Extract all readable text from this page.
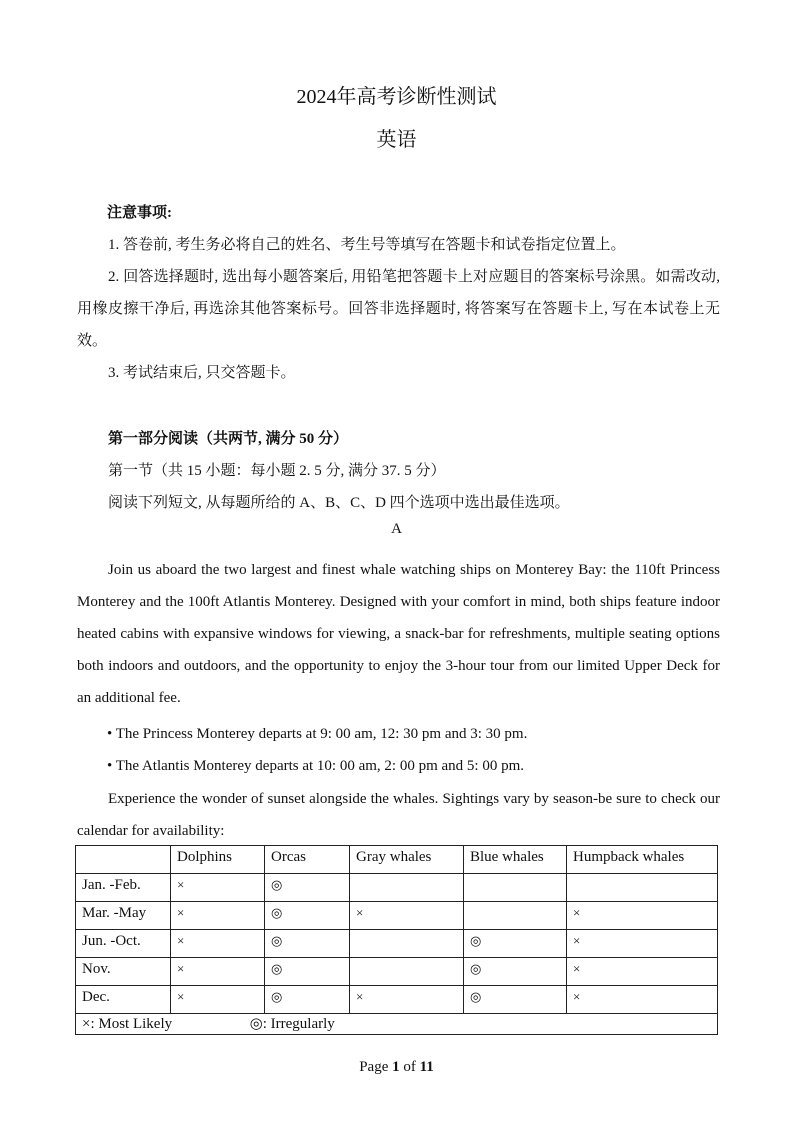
2024年高考诊断性测试
英语
注意事项:
1. 答卷前, 考生务必将自己的姓名、考生号等填写在答题卡和试卷指定位置上。
2. 回答选择题时, 选出每小题答案后, 用铅笔把答题卡上对应题目的答案标号涂黑。如需改动, 用橡皮擦干净后, 再选涂其他答案标号。回答非选择题时, 将答案写在答题卡上, 写在本试卷上无效。
3. 考试结束后, 只交答题卡。
第一部分阅读（共两节, 满分 50 分）
第一节（共 15 小题：每小题 2. 5 分, 满分 37. 5 分）
阅读下列短文, 从每题所给的 A、B、C、D 四个选项中选出最佳选项。
A
Join us aboard the two largest and finest whale watching ships on Monterey Bay: the 110ft Princess Monterey and the 100ft Atlantis Monterey. Designed with your comfort in mind, both ships feature indoor heated cabins with expansive windows for viewing, a snack-bar for refreshments, multiple seating options both indoors and outdoors, and the opportunity to enjoy the 3-hour tour from our limited Upper Deck for an additional fee.
• The Princess Monterey departs at 9: 00 am, 12: 30 pm and 3: 30 pm.
• The Atlantis Monterey departs at 10: 00 am, 2: 00 pm and 5: 00 pm.
Experience the wonder of sunset alongside the whales. Sightings vary by season-be sure to check our calendar for availability:
	Dolphins	Orcas	Gray whales	Blue whales	Humpback whales
Jan. -Feb.	×	◎			
Mar. -May	×	◎	×		×
Jun. -Oct.	×	◎		◎	×
Nov.	×	◎		◎	×
Dec.	×	◎	×	◎	×
×: Most Likely ◎: Irregularly					
Page 1 of 11
